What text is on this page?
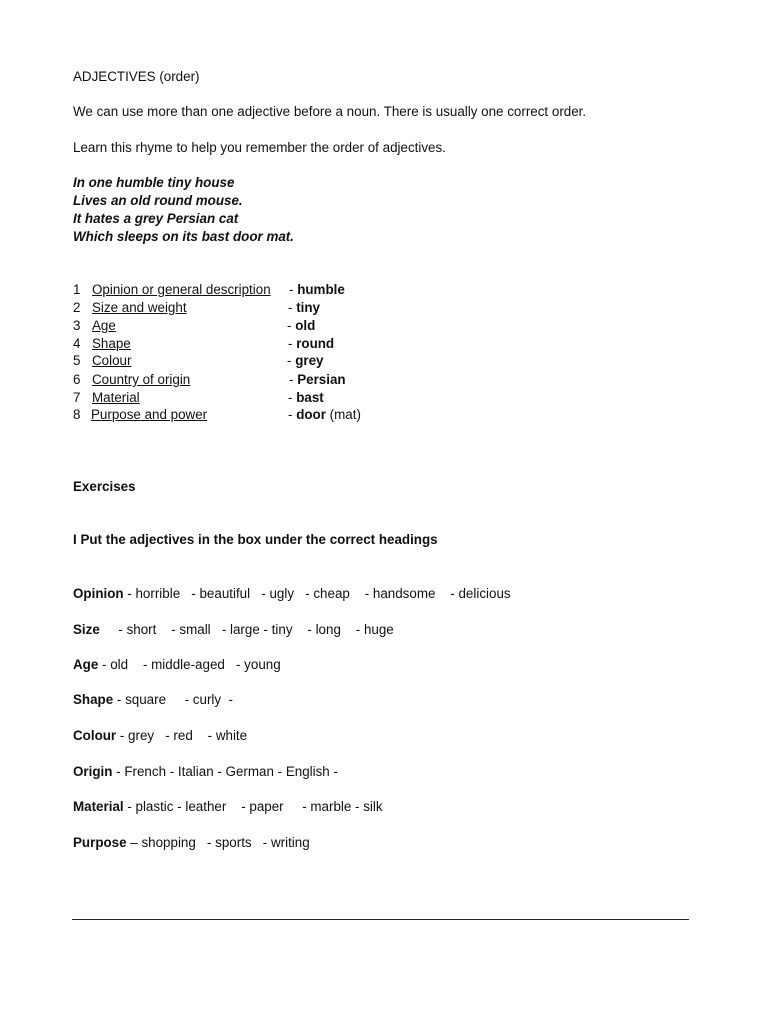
ADJECTIVES (order)
We can use more than one adjective before a noun. There is usually one correct order.
Learn this rhyme to help you remember the order of adjectives.
In one humble tiny house
Lives an old round mouse.
It hates a grey Persian cat
Which sleeps on its bast door mat.
1 Opinion or general description - humble
2 Size and weight	- tiny
3 Age	- old
4 Shape	- round
5 Colour	- grey
6 Country of origin	- Persian
7 Material	- bast
8 Purpose and power	- door (mat)
Exercises
I Put the adjectives in the box under the correct headings
Opinion - horrible   - beautiful   - ugly   - cheap    - handsome    - delicious
Size     - short    - small   - large - tiny    - long    - huge
Age - old    - middle-aged   - young
Shape - square     - curly  -
Colour - grey   - red    - white
Origin - French - Italian - German - English -
Material - plastic - leather    - paper     - marble - silk
Purpose – shopping   - sports   - writing
